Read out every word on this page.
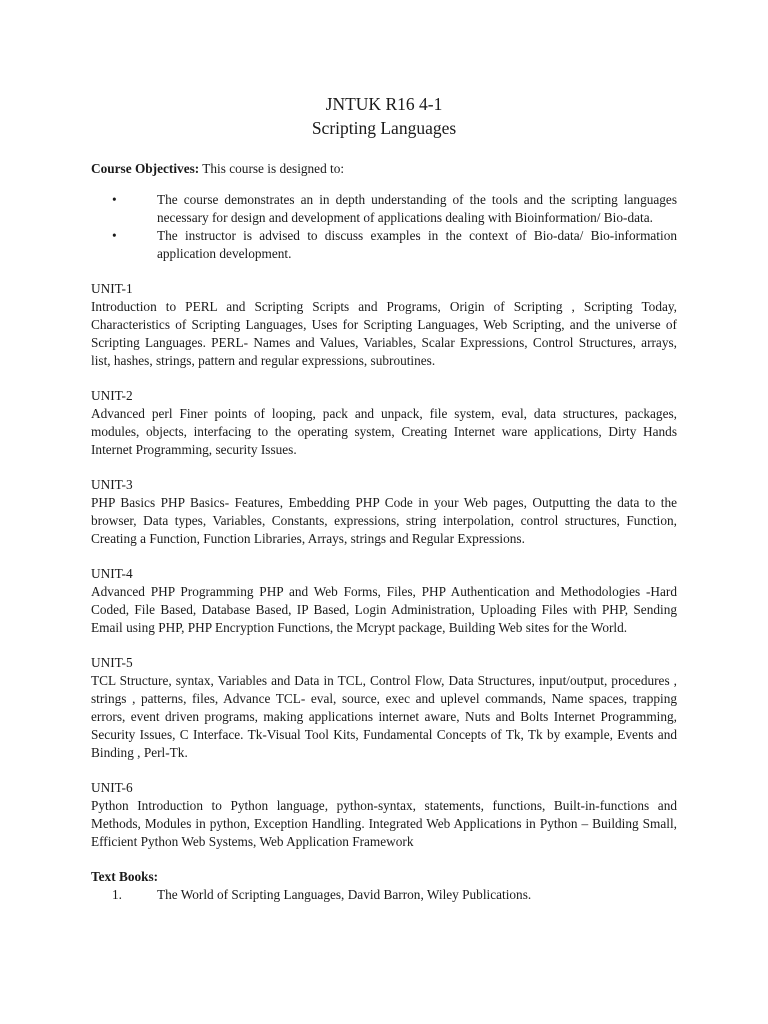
JNTUK R16 4-1

Scripting Languages

Course Objectives: This course is designed to:

•	The course demonstrates an in depth understanding of the tools and the scripting languages necessary for design and development of applications dealing with Bioinformation/ Bio-data.
•	The instructor is advised to discuss examples in the context of Bio-data/ Bio-information application development.

UNIT-1

Introduction to PERL and Scripting Scripts and Programs, Origin of Scripting , Scripting Today, Characteristics of Scripting Languages, Uses for Scripting Languages, Web Scripting, and the universe of Scripting Languages. PERL- Names and Values, Variables, Scalar Expressions, Control Structures, arrays, list, hashes, strings, pattern and regular expressions, subroutines.

UNIT-2

Advanced perl Finer points of looping, pack and unpack, file system, eval, data structures, packages, modules, objects, interfacing to the operating system, Creating Internet ware applications, Dirty Hands Internet Programming, security Issues.

UNIT-3

PHP Basics PHP Basics- Features, Embedding PHP Code in your Web pages, Outputting the data to the browser, Data types, Variables, Constants, expressions, string interpolation, control structures, Function, Creating a Function, Function Libraries, Arrays, strings and Regular Expressions.

UNIT-4

Advanced PHP Programming PHP and Web Forms, Files, PHP Authentication and Methodologies -Hard Coded, File Based, Database Based, IP Based, Login Administration, Uploading Files with PHP, Sending Email using PHP, PHP Encryption Functions, the Mcrypt package, Building Web sites for the World.

UNIT-5

TCL Structure, syntax, Variables and Data in TCL, Control Flow, Data Structures, input/output, procedures , strings , patterns, files, Advance TCL- eval, source, exec and uplevel commands, Name spaces, trapping errors, event driven programs, making applications internet aware, Nuts and Bolts Internet Programming, Security Issues, C Interface. Tk-Visual Tool Kits, Fundamental Concepts of Tk, Tk by example, Events and Binding , Perl-Tk.

UNIT-6

Python Introduction to Python language, python-syntax, statements, functions, Built-in-functions and Methods, Modules in python, Exception Handling. Integrated Web Applications in Python – Building Small, Efficient Python Web Systems, Web Application Framework

Text Books:

1.	The World of Scripting Languages, David Barron, Wiley Publications.
